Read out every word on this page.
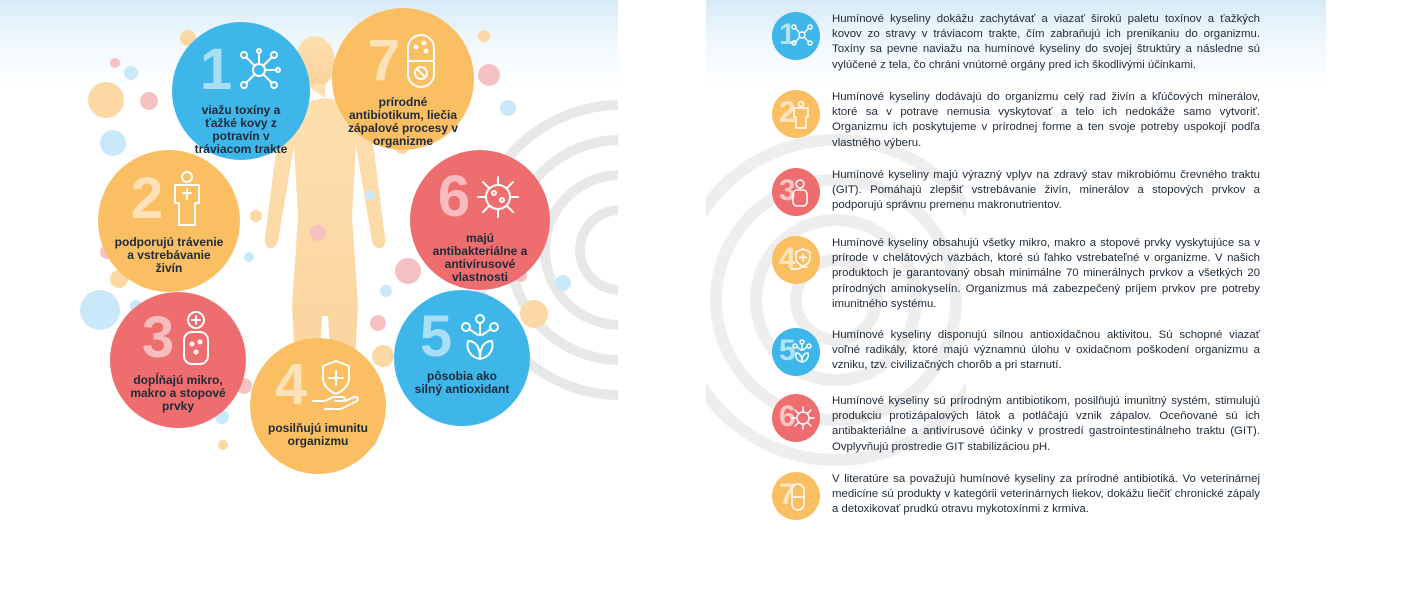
1
viažu toxíny a ťažké kovy z potravín v tráviacom trakte
7
prírodné antibiotikum, liečia zápalové procesy v organizme
2
podporujú trávenie a vstrebávanie živín
6
majú antibakteriálne a antivírusové vlastnosti
3
dopĺňajú mikro, makro a stopové prvky
5
pôsobia ako silný antioxidant
4
posilňujú imunitu organizmu
1	Humínové kyseliny dokážu zachytávať a viazať širokú paletu toxínov a ťažkých kovov zo stravy v tráviacom trakte, čím zabraňujú ich prenikaniu do organizmu. Toxíny sa pevne naviažu na humínové kyseliny do svojej štruktúry a následne sú vylúčené z tela, čo chráni vnútorné orgány pred ich škodlivými účinkami.
2	Humínové kyseliny dodávajú do organizmu celý rad živín a kľúčových minerálov, ktoré sa v potrave nemusia vyskytovať a telo ich nedokáže samo vytvoriť. Organizmu ich poskytujeme v prírodnej forme a ten svoje potreby uspokojí podľa vlastného výberu.
3	Humínové kyseliny majú výrazný vplyv na zdravý stav mikrobiómu črevného traktu (GIT). Pomáhajú zlepšiť vstrebávanie živín, minerálov a stopových prvkov a podporujú správnu premenu makronutrientov.
4	Humínové kyseliny obsahujú všetky mikro, makro a stopové prvky vyskytujúce sa v prírode v chelátových väzbách, ktoré sú ľahko vstrebateľné v organizme. V našich produktoch je garantovaný obsah minimálne 70 minerálnych prvkov a všetkých 20 prírodných aminokyselín. Organizmus má zabezpečený príjem prvkov pre potreby imunitného systému.
5	Humínové kyseliny disponujú silnou antioxidačnou aktivitou. Sú schopné viazať voľné radikály, ktoré majú významnú úlohu v oxidačnom poškodení organizmu a vzniku, tzv. civilizačných chorôb a pri starnutí.
6	Humínové kyseliny sú prírodným antibiotikom, posilňujú imunitný systém, stimulujú produkciu protizápalových látok a potláčajú vznik zápalov. Oceňované sú ich antibakteriálne a antivírusové účinky v prostredí gastrointestinálneho traktu (GIT). Ovplyvňujú prostredie GIT stabilizáciou pH.
7	V literatúre sa považujú humínové kyseliny za prírodné antibiotiká. Vo veterinárnej medicíne sú produkty v kategórii veterinárnych liekov, dokážu liečiť chronické zápaly a detoxikovať prudkú otravu mykotoxínmi z krmiva.
